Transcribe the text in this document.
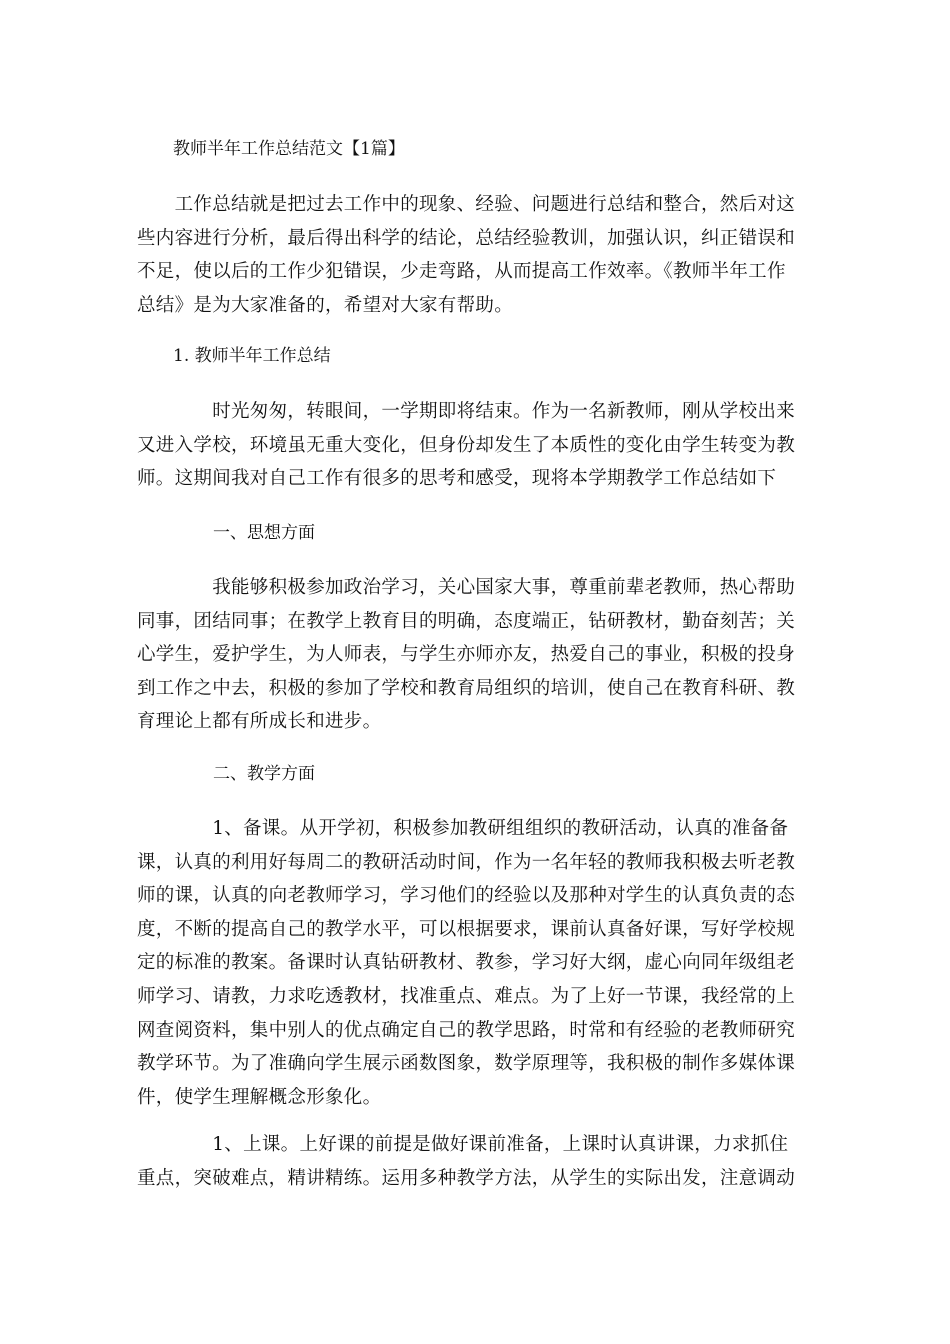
教师半年工作总结范文【1篇】
　　工作总结就是把过去工作中的现象、经验、问题进行总结和整合，然后对这
些内容进行分析，最后得出科学的结论，总结经验教训，加强认识，纠正错误和
不足，使以后的工作少犯错误，少走弯路，从而提高工作效率。《教师半年工作
总结》是为大家准备的，希望对大家有帮助。
1. 教师半年工作总结
　　　　时光匆匆，转眼间，一学期即将结束。作为一名新教师，刚从学校出来
又进入学校，环境虽无重大变化，但身份却发生了本质性的变化由学生转变为教
师。这期间我对自己工作有很多的思考和感受，现将本学期教学工作总结如下
一、思想方面
　　　　我能够积极参加政治学习，关心国家大事，尊重前辈老教师，热心帮助
同事，团结同事；在教学上教育目的明确，态度端正，钻研教材，勤奋刻苦；关
心学生，爱护学生，为人师表，与学生亦师亦友，热爱自己的事业，积极的投身
到工作之中去，积极的参加了学校和教育局组织的培训，使自己在教育科研、教
育理论上都有所成长和进步。
二、教学方面
　　　　1、备课。从开学初，积极参加教研组组织的教研活动，认真的准备备
课，认真的利用好每周二的教研活动时间，作为一名年轻的教师我积极去听老教
师的课，认真的向老教师学习，学习他们的经验以及那种对学生的认真负责的态
度，不断的提高自己的教学水平，可以根据要求，课前认真备好课，写好学校规
定的标准的教案。备课时认真钻研教材、教参，学习好大纲，虚心向同年级组老
师学习、请教，力求吃透教材，找准重点、难点。为了上好一节课，我经常的上
网查阅资料，集中别人的优点确定自己的教学思路，时常和有经验的老教师研究
教学环节。为了准确向学生展示函数图象，数学原理等，我积极的制作多媒体课
件，使学生理解概念形象化。
　　　　1、上课。上好课的前提是做好课前准备，上课时认真讲课，力求抓住
重点，突破难点，精讲精练。运用多种教学方法，从学生的实际出发，注意调动
